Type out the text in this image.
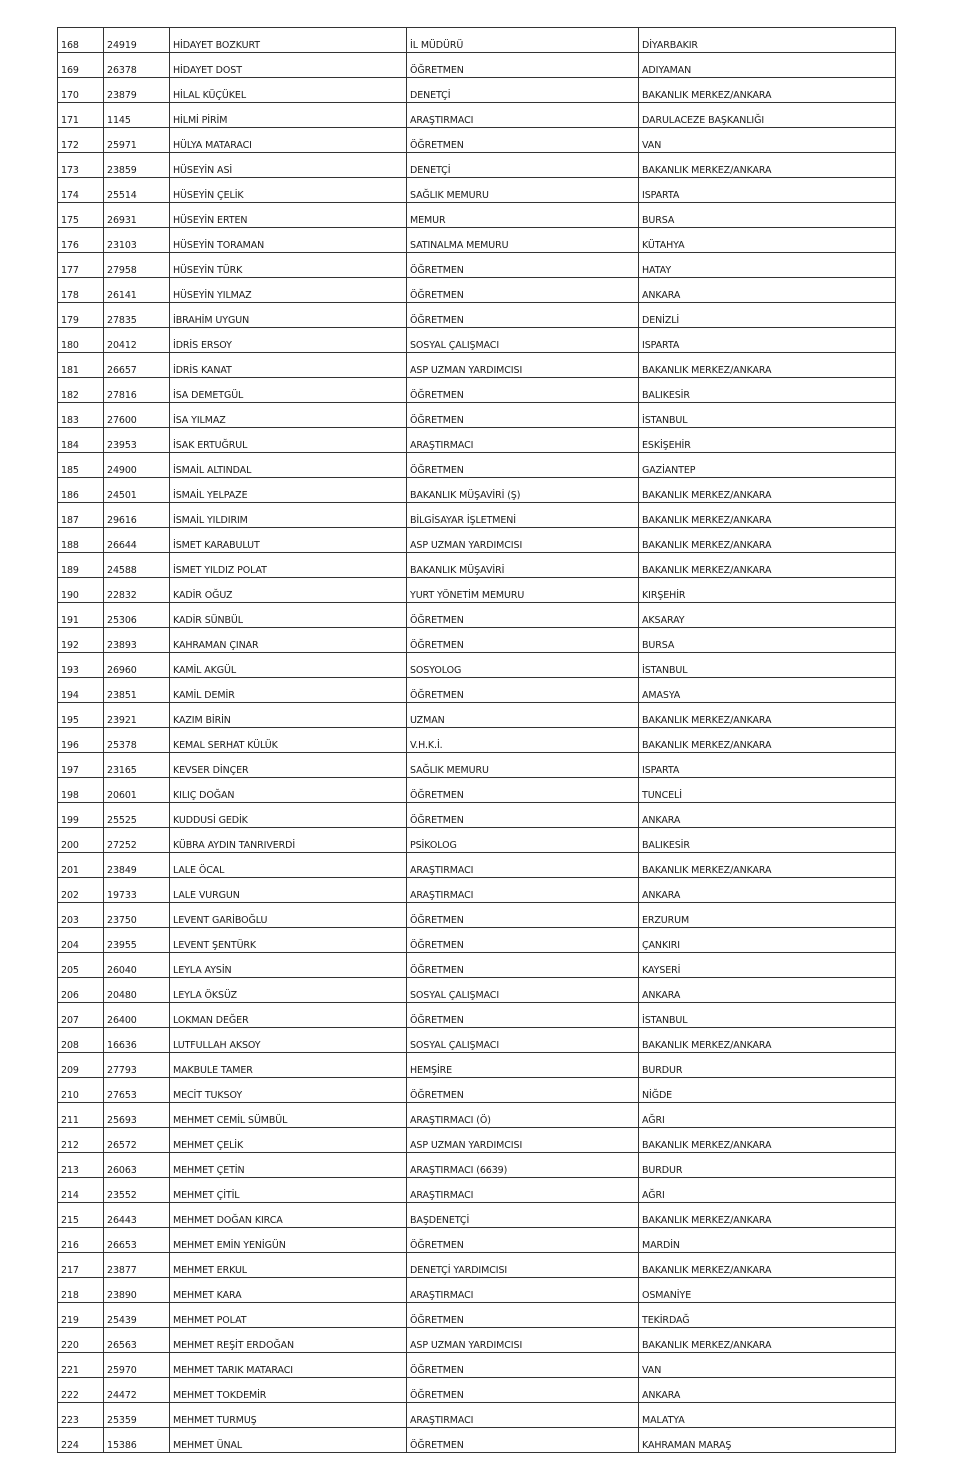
168	24919	HİDAYET BOZKURT	İL MÜDÜRÜ	DİYARBAKIR
169	26378	HİDAYET DOST	ÖĞRETMEN	ADIYAMAN
170	23879	HİLAL KÜÇÜKEL	DENETÇİ	BAKANLIK MERKEZ/ANKARA
171	1145	HİLMİ PİRİM	ARAŞTIRMACI	DARULACEZE BAŞKANLIĞI
172	25971	HÜLYA MATARACI	ÖĞRETMEN	VAN
173	23859	HÜSEYİN ASİ	DENETÇİ	BAKANLIK MERKEZ/ANKARA
174	25514	HÜSEYİN ÇELİK	SAĞLIK MEMURU	ISPARTA
175	26931	HÜSEYİN ERTEN	MEMUR	BURSA
176	23103	HÜSEYİN TORAMAN	SATINALMA MEMURU	KÜTAHYA
177	27958	HÜSEYİN TÜRK	ÖĞRETMEN	HATAY
178	26141	HÜSEYİN YILMAZ	ÖĞRETMEN	ANKARA
179	27835	İBRAHİM UYGUN	ÖĞRETMEN	DENİZLİ
180	20412	İDRİS ERSOY	SOSYAL ÇALIŞMACI	ISPARTA
181	26657	İDRİS KANAT	ASP UZMAN YARDIMCISI	BAKANLIK MERKEZ/ANKARA
182	27816	İSA DEMETGÜL	ÖĞRETMEN	BALIKESİR
183	27600	İSA YILMAZ	ÖĞRETMEN	İSTANBUL
184	23953	İSAK ERTUĞRUL	ARAŞTIRMACI	ESKİŞEHİR
185	24900	İSMAİL ALTINDAL	ÖĞRETMEN	GAZİANTEP
186	24501	İSMAİL YELPAZE	BAKANLIK MÜŞAVİRİ (Ş)	BAKANLIK MERKEZ/ANKARA
187	29616	İSMAİL YILDIRIM	BİLGİSAYAR İŞLETMENİ	BAKANLIK MERKEZ/ANKARA
188	26644	İSMET KARABULUT	ASP UZMAN YARDIMCISI	BAKANLIK MERKEZ/ANKARA
189	24588	İSMET YILDIZ POLAT	BAKANLIK MÜŞAVİRİ	BAKANLIK MERKEZ/ANKARA
190	22832	KADİR OĞUZ	YURT YÖNETİM MEMURU	KIRŞEHİR
191	25306	KADİR SÜNBÜL	ÖĞRETMEN	AKSARAY
192	23893	KAHRAMAN ÇINAR	ÖĞRETMEN	BURSA
193	26960	KAMİL AKGÜL	SOSYOLOG	İSTANBUL
194	23851	KAMİL DEMİR	ÖĞRETMEN	AMASYA
195	23921	KAZIM BİRİN	UZMAN	BAKANLIK MERKEZ/ANKARA
196	25378	KEMAL SERHAT KÜLÜK	V.H.K.İ.	BAKANLIK MERKEZ/ANKARA
197	23165	KEVSER DİNÇER	SAĞLIK MEMURU	ISPARTA
198	20601	KILIÇ DOĞAN	ÖĞRETMEN	TUNCELİ
199	25525	KUDDUSİ GEDİK	ÖĞRETMEN	ANKARA
200	27252	KÜBRA AYDIN TANRIVERDİ	PSİKOLOG	BALIKESİR
201	23849	LALE ÖCAL	ARAŞTIRMACI	BAKANLIK MERKEZ/ANKARA
202	19733	LALE VURGUN	ARAŞTIRMACI	ANKARA
203	23750	LEVENT GARİBOĞLU	ÖĞRETMEN	ERZURUM
204	23955	LEVENT ŞENTÜRK	ÖĞRETMEN	ÇANKIRI
205	26040	LEYLA AYSİN	ÖĞRETMEN	KAYSERİ
206	20480	LEYLA ÖKSÜZ	SOSYAL ÇALIŞMACI	ANKARA
207	26400	LOKMAN DEĞER	ÖĞRETMEN	İSTANBUL
208	16636	LUTFULLAH AKSOY	SOSYAL ÇALIŞMACI	BAKANLIK MERKEZ/ANKARA
209	27793	MAKBULE TAMER	HEMŞİRE	BURDUR
210	27653	MECİT TUKSOY	ÖĞRETMEN	NİĞDE
211	25693	MEHMET CEMİL SÜMBÜL	ARAŞTIRMACI (Ö)	AĞRI
212	26572	MEHMET ÇELİK	ASP UZMAN YARDIMCISI	BAKANLIK MERKEZ/ANKARA
213	26063	MEHMET ÇETİN	ARAŞTIRMACI (6639)	BURDUR
214	23552	MEHMET ÇİTİL	ARAŞTIRMACI	AĞRI
215	26443	MEHMET DOĞAN KIRCA	BAŞDENETÇİ	BAKANLIK MERKEZ/ANKARA
216	26653	MEHMET EMİN YENİGÜN	ÖĞRETMEN	MARDİN
217	23877	MEHMET ERKUL	DENETÇİ YARDIMCISI	BAKANLIK MERKEZ/ANKARA
218	23890	MEHMET KARA	ARAŞTIRMACI	OSMANİYE
219	25439	MEHMET POLAT	ÖĞRETMEN	TEKİRDAĞ
220	26563	MEHMET REŞİT ERDOĞAN	ASP UZMAN YARDIMCISI	BAKANLIK MERKEZ/ANKARA
221	25970	MEHMET TARIK MATARACI	ÖĞRETMEN	VAN
222	24472	MEHMET TOKDEMİR	ÖĞRETMEN	ANKARA
223	25359	MEHMET TURMUŞ	ARAŞTIRMACI	MALATYA
224	15386	MEHMET ÜNAL	ÖĞRETMEN	KAHRAMAN MARAŞ
